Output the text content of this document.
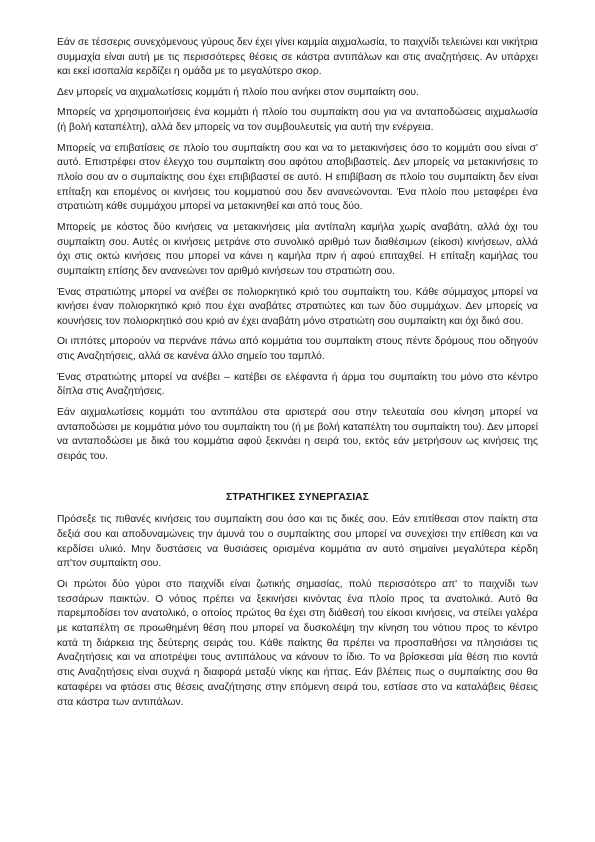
Εάν σε τέσσερις συνεχόμενους γύρους δεν έχει γίνει καμμία αιχμαλωσία, το παιχνίδι τελειώνει και νικήτρια συμμαχία είναι αυτή με τις περισσότερες θέσεις σε κάστρα αντιπάλων και στις αναζητήσεις. Αν υπάρχει και εκεί ισοπαλία κερδίζει η ομάδα με το μεγαλύτερο σκορ.

Δεν μπορείς να αιχμαλωτίσεις κομμάτι ή πλοίο που ανήκει στον συμπαίκτη σου.

Μπορείς να χρησιμοποιήσεις ένα κομμάτι ή πλοίο του συμπαίκτη σου για να ανταποδώσεις αιχμαλωσία (ή βολή καταπέλτη), αλλά δεν μπορείς να τον συμβουλευτείς για αυτή την ενέργεια.

Μπορείς να επιβατίσεις σε πλοίο του συμπαίκτη σου και να το μετακινήσεις όσο το κομμάτι σου είναι σ' αυτό. Επιστρέφει στον έλεγχο του συμπαίκτη σου αφότου αποβιβαστείς. Δεν μπορείς να μετακινήσεις το πλοίο σου αν ο συμπαίκτης σου έχει επιβιβαστεί σε αυτό. Η επιβίβαση σε πλοίο του συμπαίκτη δεν είναι επίταξη και επομένος οι κινήσεις του κομματιού σου δεν ανανεώνονται. Ένα πλοίο που μεταφέρει ένα στρατιώτη κάθε συμμάχου μπορεί να μετακινηθεί και από τους δύο.

Μπορείς με κόστος δύο κινήσεις να μετακινήσεις μία αντίπαλη καμήλα χωρίς αναβάτη, αλλά όχι του συμπαίκτη σου. Αυτές οι κινήσεις μετράνε στο συνολικό αριθμό των διαθέσιμων (είκοσι) κινήσεων, αλλά όχι στις οκτώ κινήσεις που μπορεί να κάνει η καμήλα πριν ή αφού επιταχθεί. Η επίταξη καμήλας του συμπαίκτη επίσης δεν ανανεώνει τον αριθμό κινήσεων του στρατιώτη σου.

Ένας στρατιώτης μπορεί να ανέβει σε πολιορκητικό κριό του συμπαίκτη του. Κάθε σύμμαχος μπορεί να κινήσει έναν πολιορκητικό κριό που έχει αναβάτες στρατιώτες και των δύο συμμάχων. Δεν μπορείς να κουνήσεις τον πολιορκητικό σου κριό αν έχει αναβάτη μόνο στρατιώτη σου συμπαίκτη και όχι δικό σου.

Οι ιππότες μπορούν να περνάνε πάνω από κομμάτια του συμπαίκτη στους πέντε δρόμους που οδηγούν στις Αναζητήσεις, αλλά σε κανένα άλλο σημείο του ταμπλό.

Ένας στρατιώτης μπορεί να ανέβει – κατέβει σε ελέφαντα ή άρμα του συμπαίκτη του μόνο στο κέντρο δίπλα στις Αναζητήσεις.

Εάν αιχμαλωτίσεις κομμάτι του αντιπάλου στα αριστερά σου στην τελευταία σου κίνηση μπορεί να ανταποδώσει με κομμάτια μόνο του συμπαίκτη του (ή με βολή καταπέλτη του συμπαίκτη του). Δεν μπορεί να ανταποδώσει με δικά του κομμάτια αφού ξεκινάει η σειρά του, εκτός εάν μετρήσουν ως κινήσεις της σειράς του.

ΣΤΡΑΤΗΓΙΚΕΣ ΣΥΝΕΡΓΑΣΙΑΣ

Πρόσεξε τις πιθανές κινήσεις του συμπαίκτη σου όσο και τις δικές σου. Εάν επιτίθεσαι στον παίκτη στα δεξιά σου και αποδυναμώνεις την άμυνά του ο συμπαίκτης σου μπορεί να συνεχίσει την επίθεση και να κερδίσει υλικό. Μην δυστάσεις να θυσιάσεις ορισμένα κομμάτια αν αυτό σημαίνει μεγαλύτερα κέρδη απ'τον συμπαίκτη σου.

Οι πρώτοι δύο γύροι στο παιχνίδι είναι ζωτικής σημασίας, πολύ περισσότερο απ' το παιχνίδι των τεσσάρων παικτών. Ο νότιος πρέπει να ξεκινήσει κινόντας ένα πλοίο προς τα ανατολικά. Αυτό θα παρεμποδίσει τον ανατολικό, ο οποίος πρώτος θα έχει στη διάθεσή του είκοσι κινήσεις, να στείλει γαλέρα με καταπέλτη σε προωθημένη θέση που μπορεί να δυσκολέψη την κίνηση του νότιου προς το κέντρο κατά τη διάρκεια της δεύτερης σειράς του. Κάθε παίκτης θα πρέπει να προσπαθήσει να πλησιάσει τις Αναζητήσεις και να αποτρέψει τους αντιπάλους να κάνουν το ίδιο. Το να βρίσκεσαι μία θέση πιο κοντά στις Αναζητήσεις είναι συχνά η διαφορά μεταξύ νίκης και ήττας. Εάν βλέπεις πως ο συμπαίκτης σου θα καταφέρει να φτάσει στις θέσεις αναζήτησης στην επόμενη σειρά του, εστίασε στο να καταλάβεις θέσεις στα κάστρα των αντιπάλων.
